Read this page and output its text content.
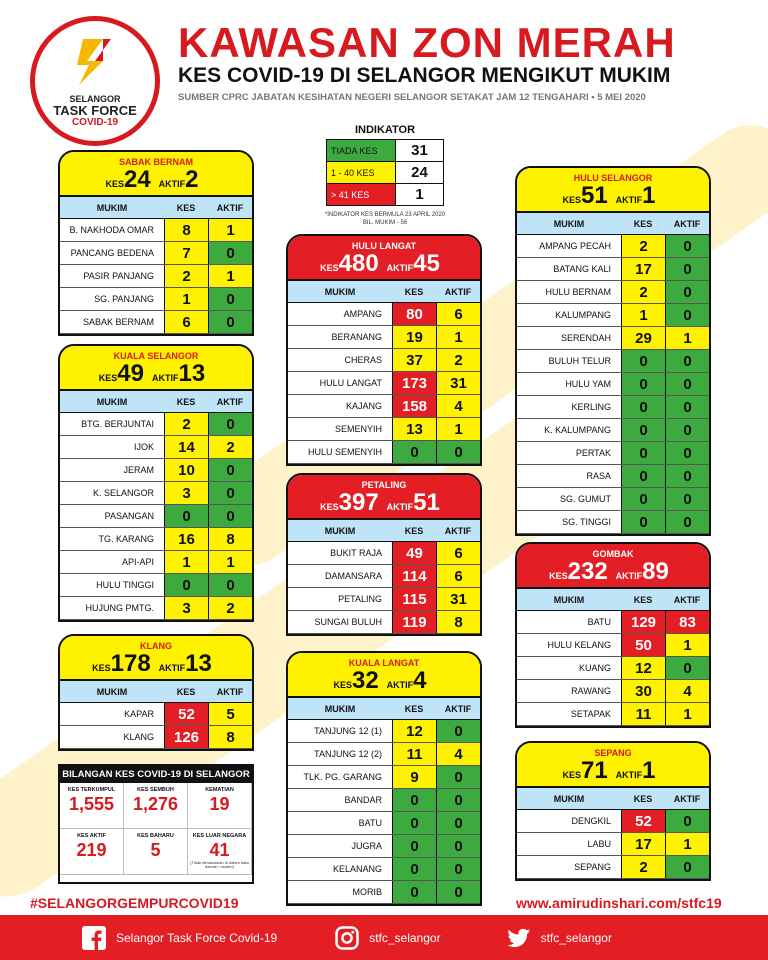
SELANGOR
TASK FORCE
COVID-19
KAWASAN ZON MERAH
KES COVID-19 DI SELANGOR MENGIKUT MUKIM
SUMBER CPRC JABATAN KESIHATAN NEGERI SELANGOR SETAKAT JAM 12 TENGAHARI • 5 MEI 2020
INDIKATOR
TIADA KES	31
1 - 40 KES	24
> 41 KES	1
*INDIKATOR KES BERMULA 23 APRIL 2020
BIL. MUKIM - 56
SABAK BERNAM
KES24 AKTIF2
MUKIM	KES	AKTIF
B. NAKHODA OMAR	8	1
PANCANG BEDENA	7	0
PASIR PANJANG	2	1
SG. PANJANG	1	0
SABAK BERNAM	6	0
KUALA SELANGOR
KES49 AKTIF13
MUKIM	KES	AKTIF
BTG. BERJUNTAI	2	0
IJOK	14	2
JERAM	10	0
K. SELANGOR	3	0
PASANGAN	0	0
TG. KARANG	16	8
API-API	1	1
HULU TINGGI	0	0
HUJUNG PMTG.	3	2
KLANG
KES178 AKTIF13
MUKIM	KES	AKTIF
KAPAR	52	5
KLANG	126	8
HULU LANGAT
KES480 AKTIF45
MUKIM	KES	AKTIF
AMPANG	80	6
BERANANG	19	1
CHERAS	37	2
HULU LANGAT	173	31
KAJANG	158	4
SEMENYIH	13	1
HULU SEMENYIH	0	0
PETALING
KES397 AKTIF51
MUKIM	KES	AKTIF
BUKIT RAJA	49	6
DAMANSARA	114	6
PETALING	115	31
SUNGAI BULUH	119	8
KUALA LANGAT
KES32 AKTIF4
MUKIM	KES	AKTIF
TANJUNG 12 (1)	12	0
TANJUNG 12 (2)	11	4
TLK. PG. GARANG	9	0
BANDAR	0	0
BATU	0	0
JUGRA	0	0
KELANANG	0	0
MORIB	0	0
HULU SELANGOR
KES51 AKTIF1
MUKIM	KES	AKTIF
AMPANG PECAH	2	0
BATANG KALI	17	0
HULU BERNAM	2	0
KALUMPANG	1	0
SERENDAH	29	1
BULUH TELUR	0	0
HULU YAM	0	0
KERLING	0	0
K. KALUMPANG	0	0
PERTAK	0	0
RASA	0	0
SG. GUMUT	0	0
SG. TINGGI	0	0
GOMBAK
KES232 AKTIF89
MUKIM	KES	AKTIF
BATU	129	83
HULU KELANG	50	1
KUANG	12	0
RAWANG	30	4
SETAPAK	11	1
SEPANG
KES71 AKTIF1
MUKIM	KES	AKTIF
DENGKIL	52	0
LABU	17	1
SEPANG	2	0
BILANGAN KES COVID-19 DI SELANGOR
KES TERKUMPUL
1,555
KES SEMBUH
1,276
KEMATIAN
19
KES AKTIF
219
KES BAHARU
5
KES LUAR NEGARA
41
(Tidak dimasukkan di dalam data daerah / mukim)
#SELANGORGEMPURCOVID19	www.amirudinshari.com/stfc19
Selangor Task Force Covid-19	stfc_selangor	stfc_selangor
